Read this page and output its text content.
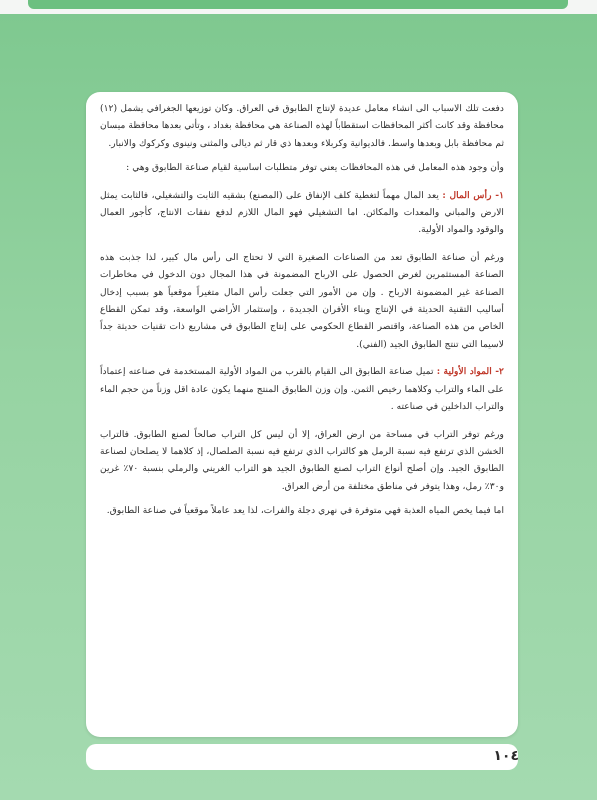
دفعت تلك الاسباب الى انشاء معامل عديدة لإنتاج الطابوق في العراق. وكان توزيعها الجغرافي يشمل (١٢) محافظة وقد كانت أكثر المحافظات استقطاباً لهذه الصناعة هي محافظة بغداد ، وتأتي بعدها محافظة ميسان ثم محافظة بابل وبعدها واسط. فالديوانية وكربلاء وبعدها ذي قار ثم ديالى والمثنى ونينوى وكركوك والانبار.

وأن وجود هذه المعامل في هذه المحافظات يعني توفر متطلبات اساسية لقيام صناعة الطابوق وهي :

١- رأس المال : يعد المال مهماً لتغطية كلف الإنفاق على (المصنع) بشقيه الثابت والتشغيلي، فالثابت يمثل الارض والمباني والمعدات والمكائن. اما التشغيلي فهو المال اللازم لدفع نفقات الانتاج، كأجور العمال والوقود والمواد الأولية.

ورغم أن صناعة الطابوق تعد من الصناعات الصغيرة التي لا تحتاج الى رأس مال كبير، لذا جذبت هذه الصناعة المستثمرين لغرض الحصول على الارباح المضمونة في هذا المجال دون الدخول في مخاطرات الصناعة غير المضمونة الارباح . وإن من الأمور التي جعلت رأس المال متغيراً موقعياً هو بسبب إدخال أساليب التقنية الحديثة في الإنتاج وبناء الأفران الجديدة ، وإستثمار الأراضي الواسعة، وقد تمكن القطاع الخاص من هذه الصناعة، واقتصر القطاع الحكومي على إنتاج الطابوق في مشاريع ذات تقنيات حديثة جداً لاسيما التي تنتج الطابوق الجيد (الفني).

٢- المواد الأولية : تميل صناعة الطابوق الى القيام بالقرب من المواد الأولية المستخدمة في صناعته إعتماداً على الماء والتراب وكلاهما رخيص الثمن. وإن وزن الطابوق المنتج منهما يكون عادة اقل وزناً من حجم الماء والتراب الداخلين في صناعته .

ورغم توفر التراب في مساحة من ارض العراق، إلا أن ليس كل التراب صالحاً لصنع الطابوق. فالتراب الخشن الذي ترتفع فيه نسبة الرمل هو كالتراب الذي ترتفع فيه نسبة الصلصال، إذ كلاهما لا يصلحان لصناعة الطابوق الجيد. وإن أصلح أنواع التراب لصنع الطابوق الجيد هو التراب الغريني والرملي بنسبة ٧٠٪ غرين و٣٠٪ رمل، وهذا يتوفر في مناطق مختلفة من أرض العراق.

اما فيما يخص المياه العذبة فهي متوفرة في نهري دجلة والفرات، لذا يعد عاملاً موقعياً في صناعة الطابوق.

١٠٤
